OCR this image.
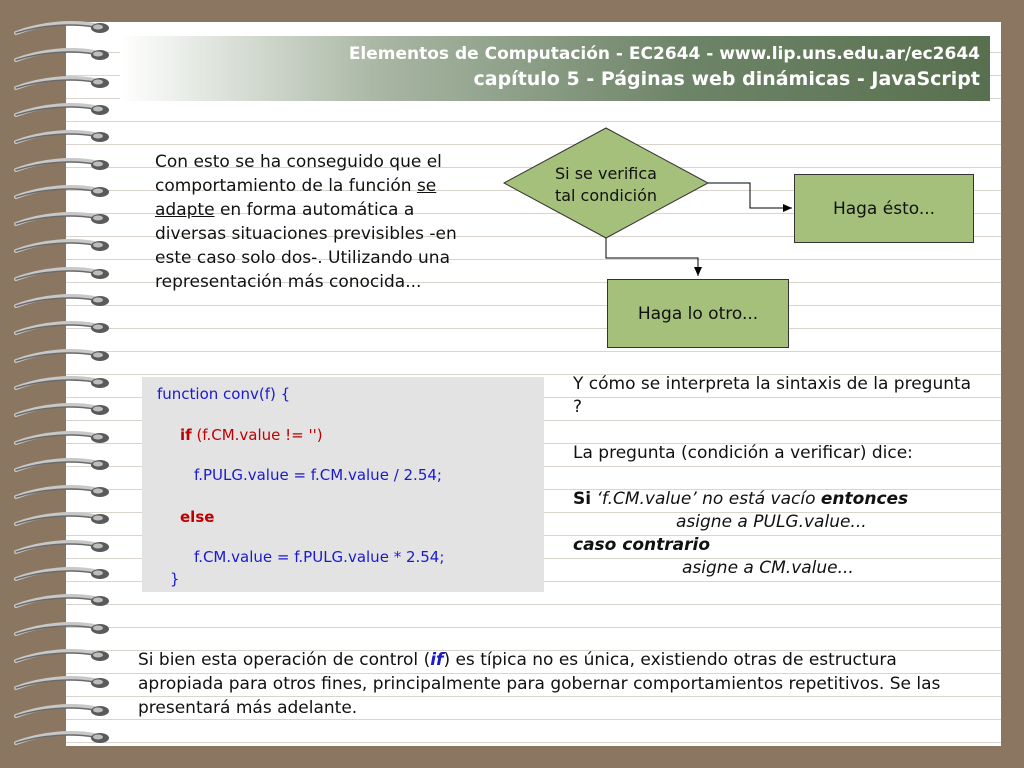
Elementos de Computación - EC2644 - www.lip.uns.edu.ar/ec2644
capítulo 5 - Páginas web dinámicas - JavaScript

Con esto se ha conseguido que el comportamiento de la función se adapte en forma automática a diversas situaciones previsibles -en este caso solo dos-. Utilizando una representación más conocida...

Si se verifica
tal condición
Haga ésto...
Haga lo otro...
function conv(f) {
if (f.CM.value != '')
f.PULG.value = f.CM.value / 2.54;
else
f.CM.value = f.PULG.value * 2.54;
}

Y cómo se interpreta la sintaxis de la pregunta ?

La pregunta (condición a verificar) dice:

Si ‘f.CM.value’ no está vacío entonces

asigne a PULG.value...

caso contrario

asigne a CM.value...

Si bien esta operación de control (if) es típica no es única, existiendo otras de estructura apropiada para otros fines, principalmente para gobernar comportamientos repetitivos. Se las presentará más adelante.
